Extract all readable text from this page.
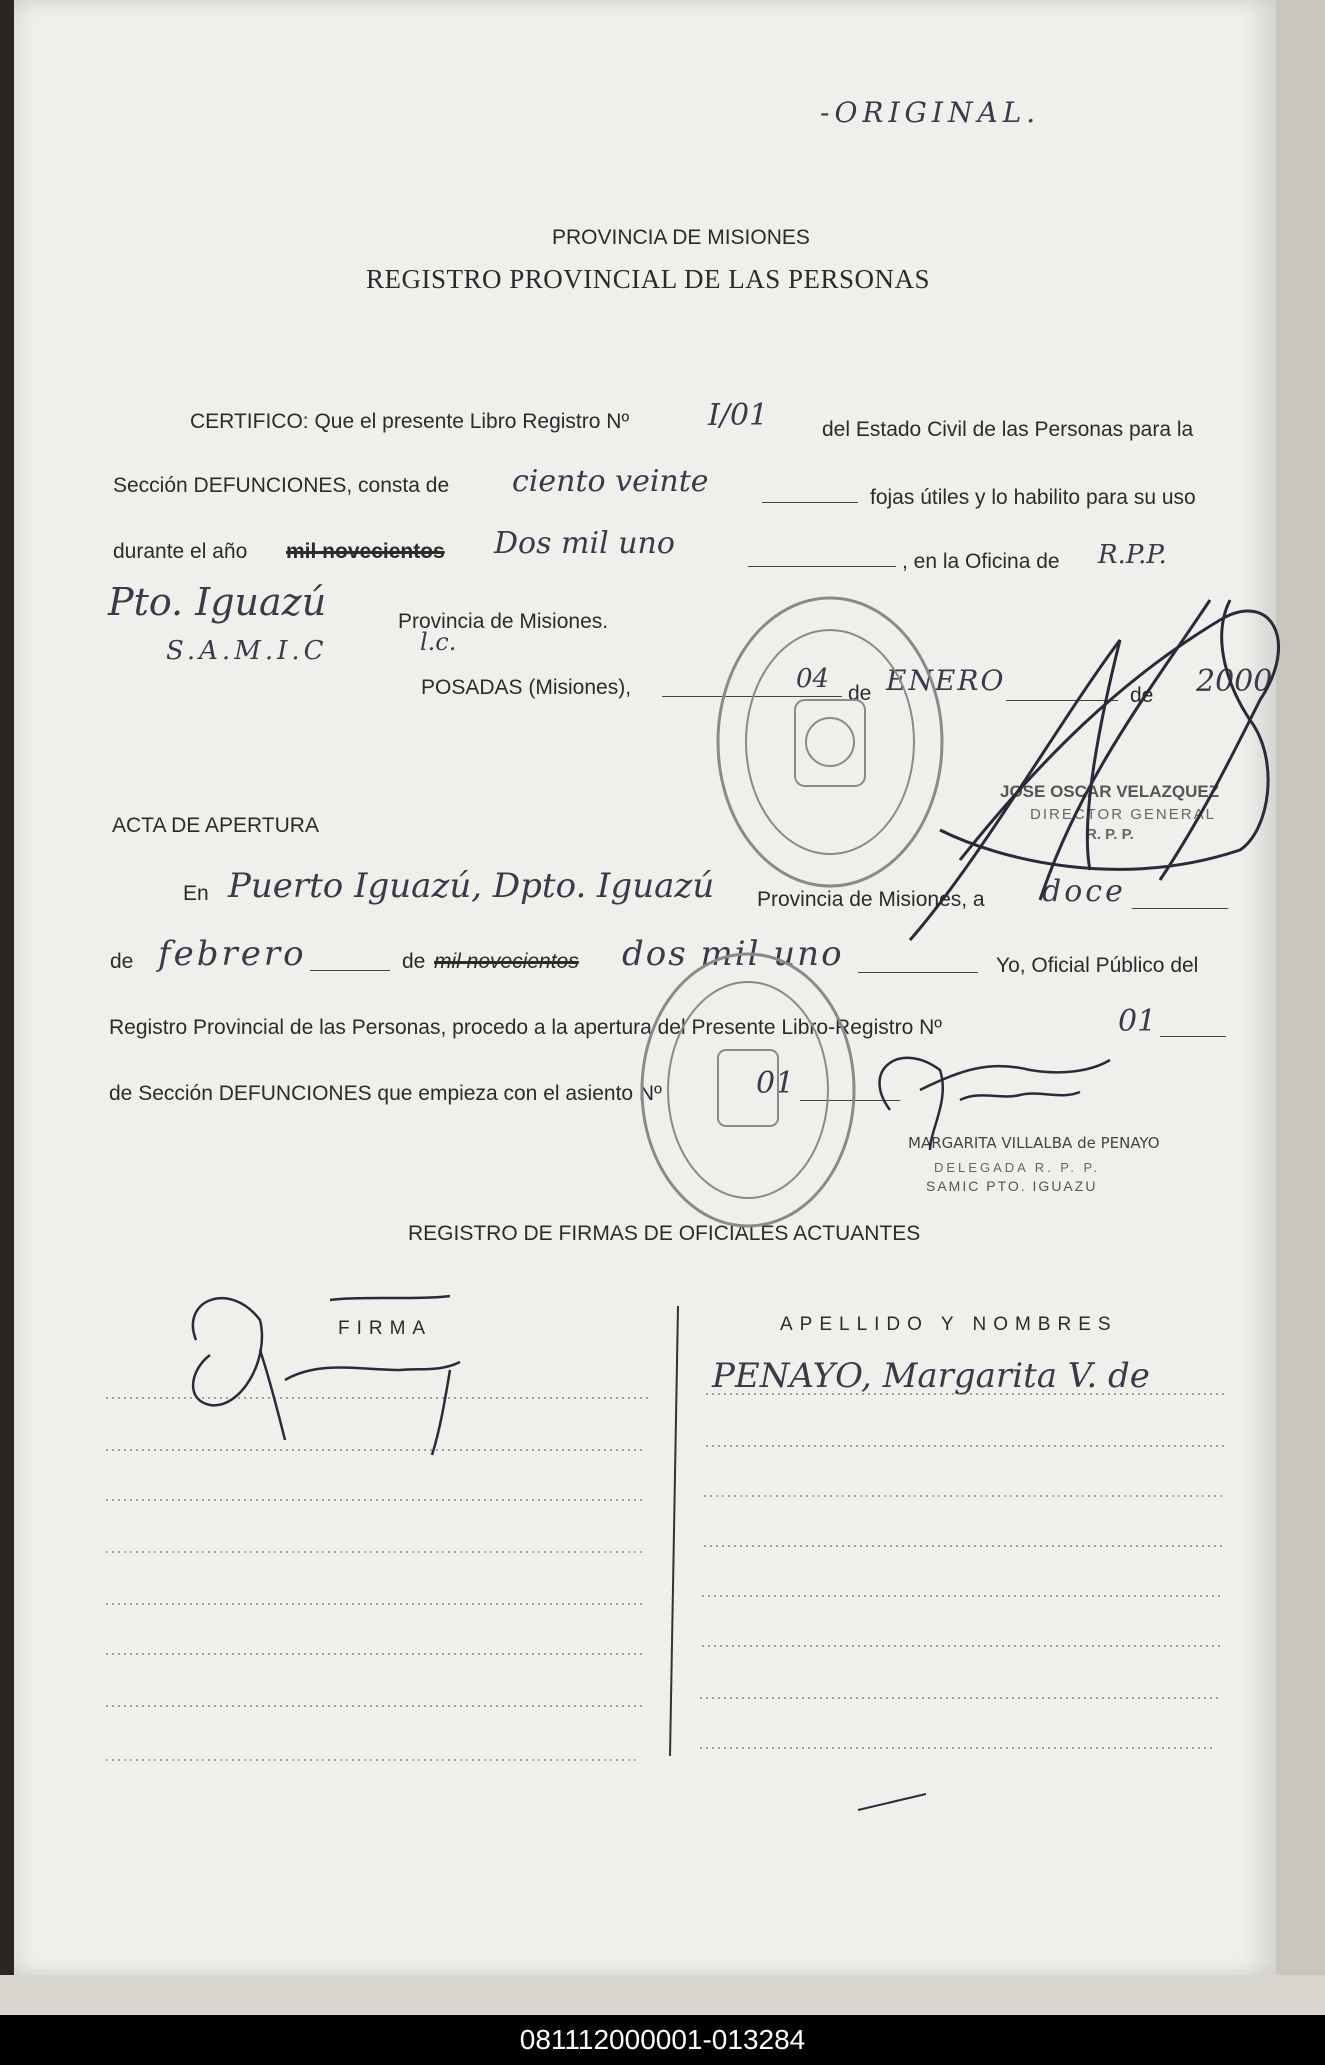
-ORIGINAL.
PROVINCIA DE MISIONES
REGISTRO PROVINCIAL DE LAS PERSONAS
CERTIFICO: Que el presente Libro Registro Nº	I/01	del Estado Civil de las Personas para la
Sección DEFUNCIONES, consta de ciento veinte	fojas útiles y lo habilito para su uso
durante el año mil novecientos Dos mil uno
, en la Oficina de R.P.P.
Pto. Iguazú	Provincia de Misiones.
S.A.M.I.C	l.c.
POSADAS (Misiones),	04 de ENERO	de 2000
JOSE OSCAR VELAZQUEZ
DIRECTOR GENERAL
R. P. P.
ACTA DE APERTURA
En Puerto Iguazú, Dpto. Iguazú Provincia de Misiones, a doce
de febrero	de mil novecientos dos mil uno	Yo, Oficial Público del
Registro Provincial de las Personas, procedo a la apertura del Presente Libro-Registro Nº	01
de Sección DEFUNCIONES que empieza con el asiento Nº	01
MARGARITA VILLALBA de PENAYO
DELEGADA R. P. P.
SAMIC PTO. IGUAZU
REGISTRO DE FIRMAS DE OFICIALES ACTUANTES
FIRMA	APELLIDO Y NOMBRES
PENAYO, Margarita V. de
081112000001-013284
